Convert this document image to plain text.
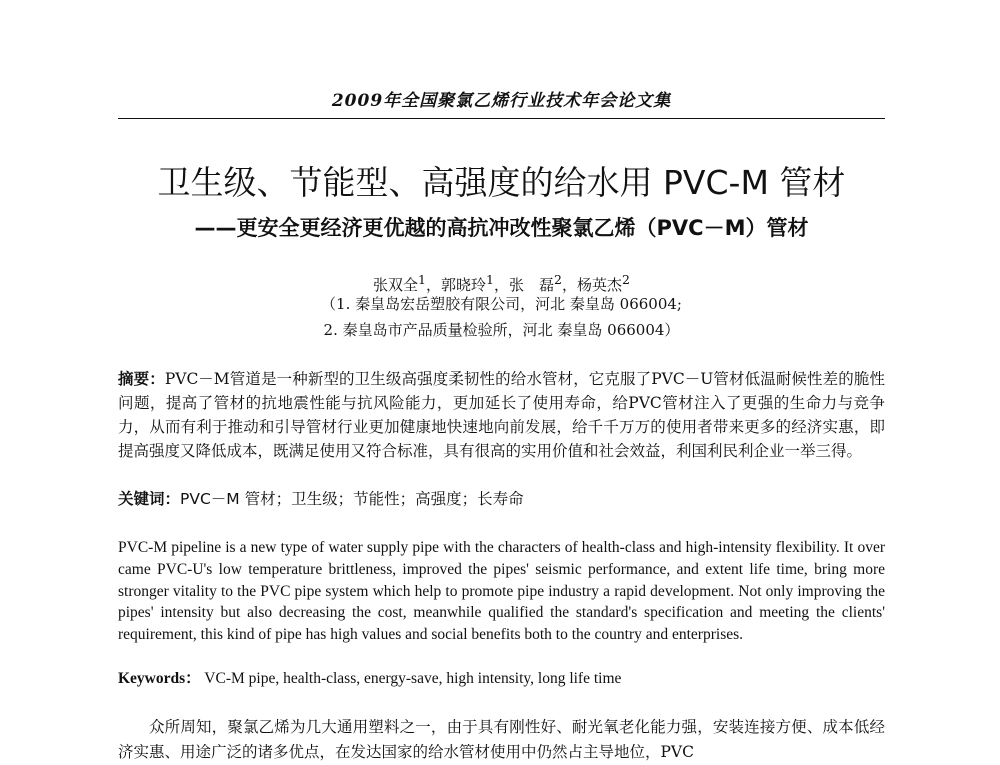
2009年全国聚氯乙烯行业技术年会论文集
卫生级、节能型、高强度的给水用 PVC-M 管材
——更安全更经济更优越的高抗冲改性聚氯乙烯（PVC－M）管材
张双全$^1$，郭晓玲$^1$，张　磊$^2$，杨英杰$^2$
（1. 秦皇岛宏岳塑胶有限公司，河北 秦皇岛 066004;
2. 秦皇岛市产品质量检验所，河北 秦皇岛 066004）
摘要：PVC－M管道是一种新型的卫生级高强度柔韧性的给水管材，它克服了PVC－U管材低温耐候性差的脆性问题，提高了管材的抗地震性能与抗风险能力，更加延长了使用寿命，给PVC管材注入了更强的生命力与竞争力，从而有利于推动和引导管材行业更加健康地快速地向前发展，给千千万万的使用者带来更多的经济实惠，即提高强度又降低成本，既满足使用又符合标准，具有很高的实用价值和社会效益，利国利民利企业一举三得。
关键词：PVC－M 管材；卫生级；节能性；高强度；长寿命
PVC-M pipeline is a new type of water supply pipe with the characters of health-class and high-intensity flexibility. It over came PVC-U's low temperature brittleness, improved the pipes' seismic performance, and extent life time, bring more stronger vitality to the PVC pipe system which help to promote pipe industry a rapid development. Not only improving the pipes' intensity but also decreasing the cost, meanwhile qualified the standard's specification and meeting the clients' requirement, this kind of pipe has high values and social benefits both to the country and enterprises.
Keywords： VC-M pipe, health-class, energy-save, high intensity, long life time
众所周知，聚氯乙烯为几大通用塑料之一，由于具有刚性好、耐光氧老化能力强，安装连接方便、成本低经济实惠、用途广泛的诸多优点，在发达国家的给水管材使用中仍然占主导地位，PVC
